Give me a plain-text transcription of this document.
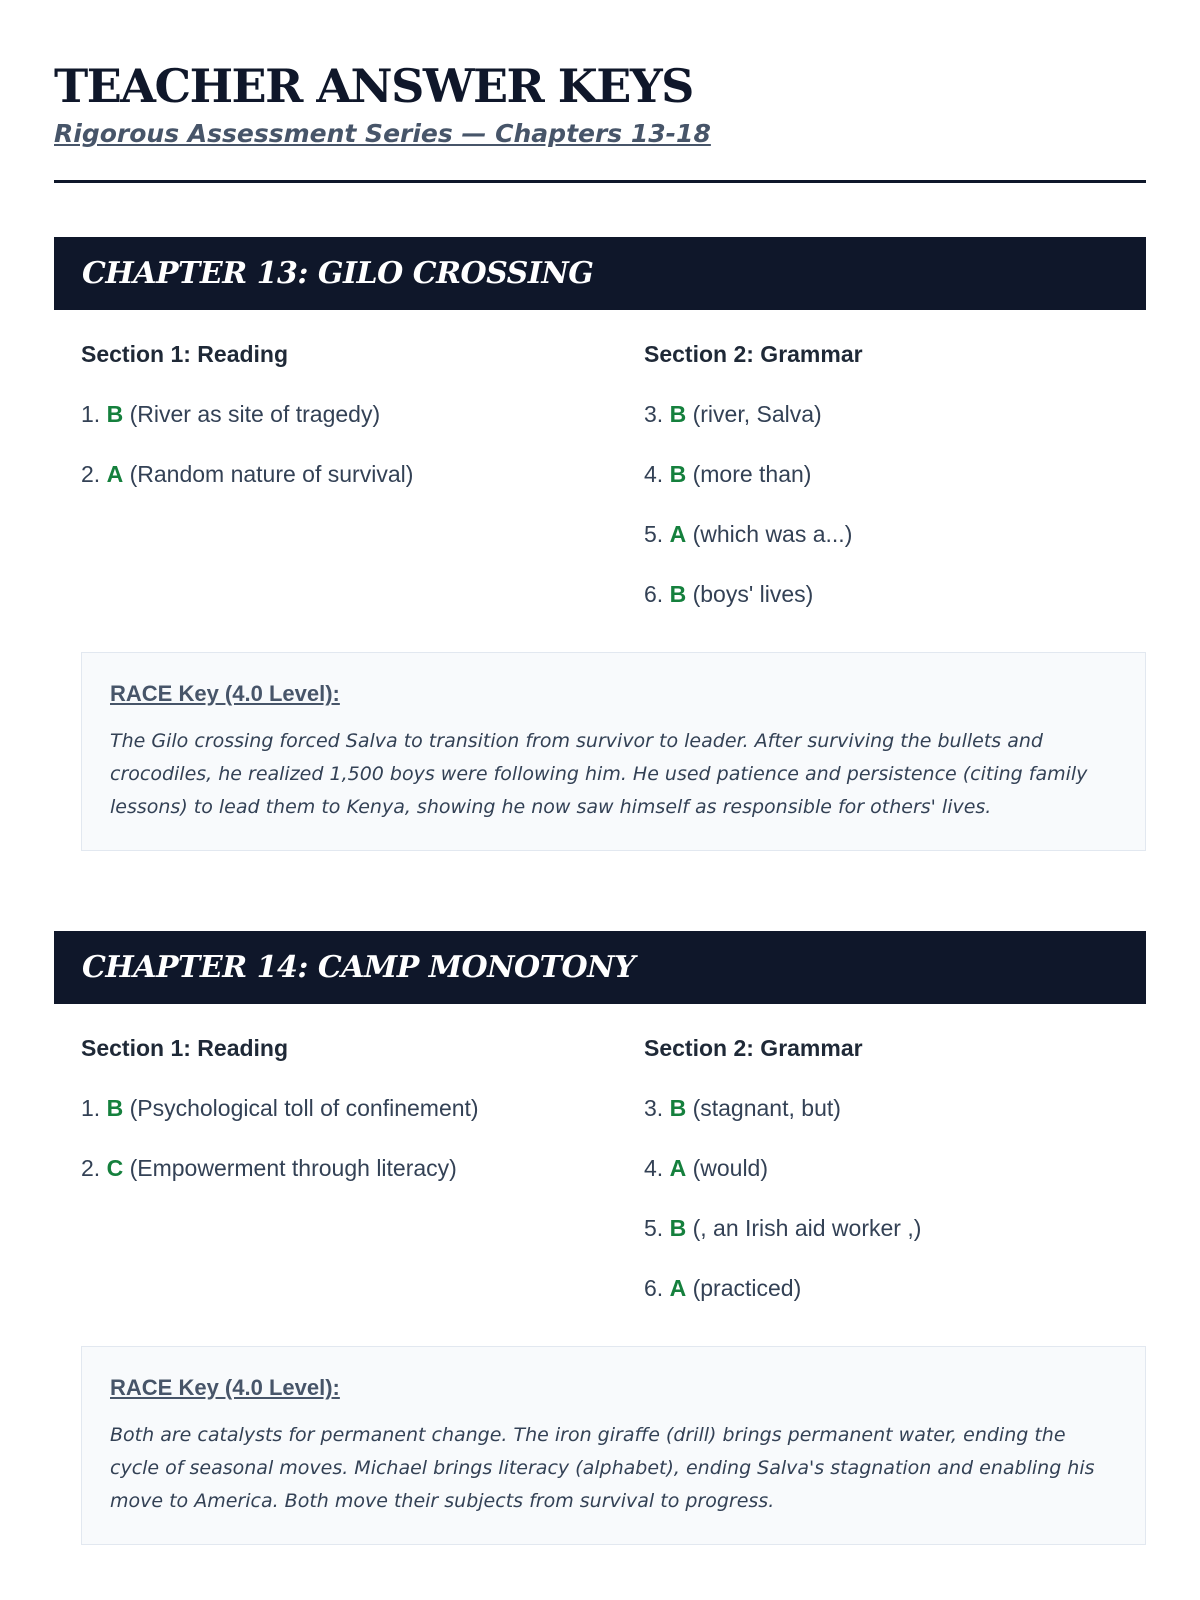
TEACHER ANSWER KEYS
Rigorous Assessment Series — Chapters 13-18
CHAPTER 13: GILO CROSSING
Section 1: Reading
1. B (River as site of tragedy)
2. A (Random nature of survival)
Section 2: Grammar
3. B (river, Salva)
4. B (more than)
5. A (which was a...)
6. B (boys' lives)
RACE Key (4.0 Level):
The Gilo crossing forced Salva to transition from survivor to leader. After surviving the bullets and crocodiles, he realized 1,500 boys were following him. He used patience and persistence (citing family lessons) to lead them to Kenya, showing he now saw himself as responsible for others' lives.
CHAPTER 14: CAMP MONOTONY
Section 1: Reading
1. B (Psychological toll of confinement)
2. C (Empowerment through literacy)
Section 2: Grammar
3. B (stagnant, but)
4. A (would)
5. B (, an Irish aid worker ,)
6. A (practiced)
RACE Key (4.0 Level):
Both are catalysts for permanent change. The iron giraffe (drill) brings permanent water, ending the cycle of seasonal moves. Michael brings literacy (alphabet), ending Salva's stagnation and enabling his move to America. Both move their subjects from survival to progress.
